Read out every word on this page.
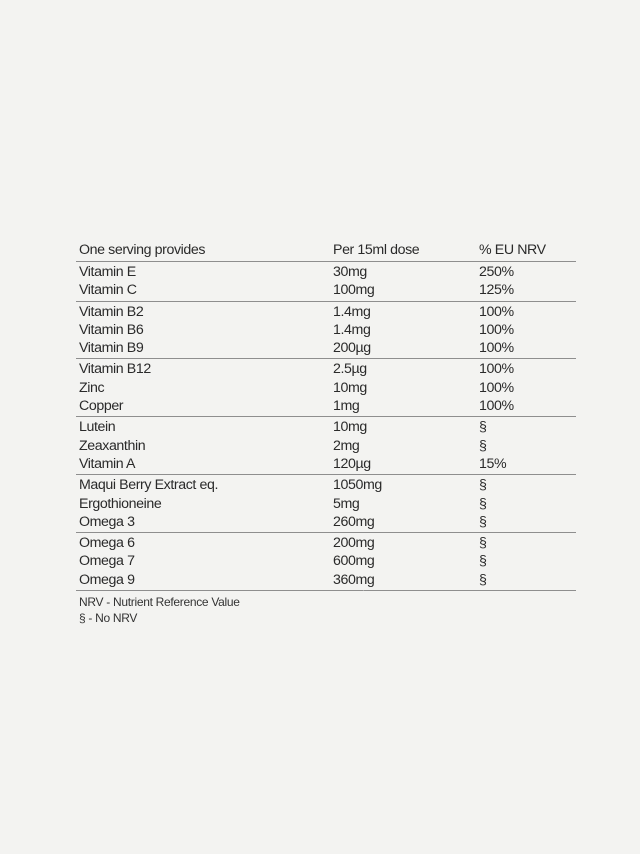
One serving provides	Per 15ml dose	% EU NRV
Vitamin E	30mg	250%
Vitamin C	100mg	125%
Vitamin B2	1.4mg	100%
Vitamin B6	1.4mg	100%
Vitamin B9	200µg	100%
Vitamin B12	2.5µg	100%
Zinc	10mg	100%
Copper	1mg	100%
Lutein	10mg	§
Zeaxanthin	2mg	§
Vitamin A	120µg	15%
Maqui Berry Extract eq.	1050mg	§
Ergothioneine	5mg	§
Omega 3	260mg	§
Omega 6	200mg	§
Omega 7	600mg	§
Omega 9	360mg	§
NRV - Nutrient Reference Value
§ - No NRV
